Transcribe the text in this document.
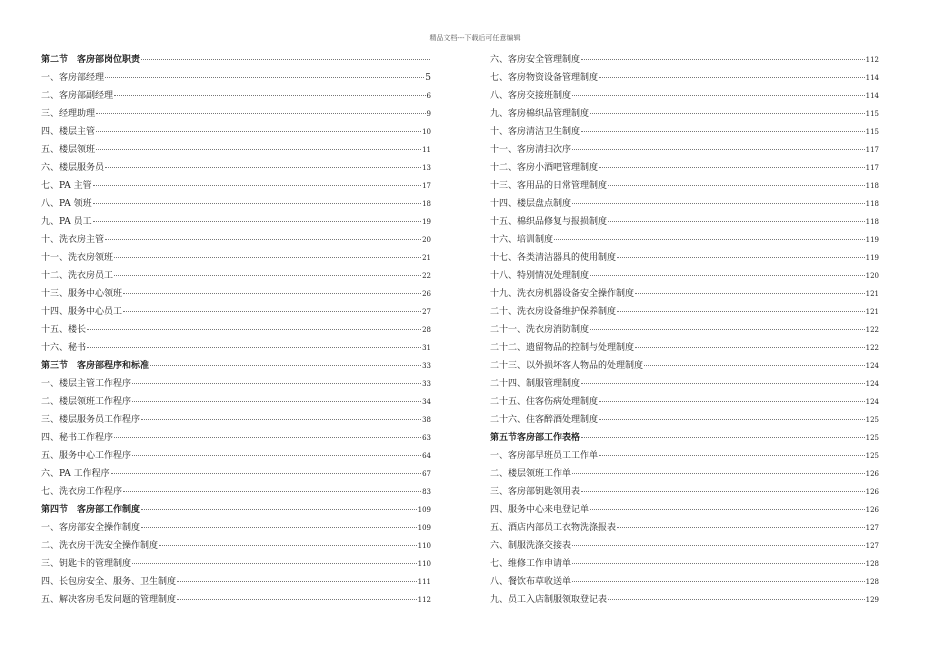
精品文档---下载后可任意编辑
第二节　客房部岗位职责
一、客房部经理	5
二、客房部副经理	6
三、经理助理	9
四、楼层主管	10
五、楼层领班	11
六、楼层服务员	13
七、PA 主管	17
八、PA 领班	18
九、PA 员工	19
十、洗衣房主管	20
十一、洗衣房领班	21
十二、洗衣房员工	22
十三、服务中心领班	26
十四、服务中心员工	27
十五、楼长	28
十六、秘书	31
第三节　客房部程序和标准	33
一、楼层主管工作程序	33
二、楼层领班工作程序	34
三、楼层服务员工作程序	38
四、秘书工作程序	63
五、服务中心工作程序	64
六、PA 工作程序	67
七、洗衣房工作程序	83
第四节　客房部工作制度	109
一、客房部安全操作制度	109
二、洗衣房干洗安全操作制度	110
三、钥匙卡的管理制度	110
四、长包房安全、服务、卫生制度	111
五、解决客房毛发问题的管理制度	112
六、客房安全管理制度	112
七、客房物资设备管理制度	114
八、客房交接班制度	114
九、客房棉织品管理制度	115
十、客房清洁卫生制度	115
十一、客房清扫次序	117
十二、客房小酒吧管理制度	117
十三、客用品的日常管理制度	118
十四、楼层盘点制度	118
十五、棉织品修复与报损制度	118
十六、培训制度	119
十七、各类清洁器具的使用制度	119
十八、特别情况处理制度	120
十九、洗衣房机器设备安全操作制度	121
二十、洗衣房设备维护保养制度	121
二十一、洗衣房消防制度	122
二十二、遗留物品的控制与处理制度	122
二十三、以外损坏客人物品的处理制度	124
二十四、制服管理制度	124
二十五、住客伤病处理制度	124
二十六、住客醉酒处理制度	125
第五节客房部工作表格	125
一、客房部早班员工工作单	125
二、楼层领班工作单	126
三、客房部钥匙领用表	126
四、服务中心来电登记单	126
五、酒店内部员工衣物洗涤报表	127
六、制服洗涤交接表	127
七、维修工作申请单	128
八、餐饮布草收送单	128
九、员工入店制服领取登记表	129
